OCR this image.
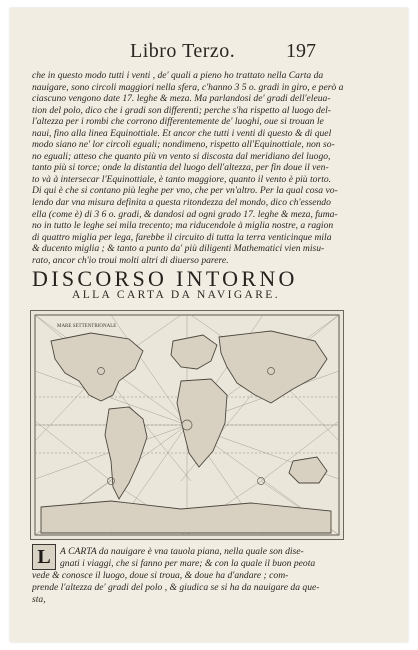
Libro Terzo.	197
che in questo modo tutti i venti , de' quali a pieno ho trattato nella Carta da
nauigare, sono circoli maggiori nella sfera, c'hanno 3 5 o. gradi in giro, e però a
ciascuno vengono date 17. leghe & meza. Ma parlandosi de' gradi dell'eleua-
tion del polo, dico che i gradi son differenti; perche s'ha rispetto al luogo del-
l'altezza per i rombi che corrono differentemente de' luoghi, oue si trouan le
naui, fino alla linea Equinottiale. Et ancor che tutti i venti di questo & di quel
modo siano ne' lor circoli eguali; nondimeno, rispetto all'Equinottiale, non so-
no eguali; atteso che quanto più vn vento si discosta dal meridiano del luogo,
tanto più si torce; onde la distantia del luogo dell'altezza, per fin doue il ven-
to và à intersecar l'Equinottiale, è tanto maggiore, quanto il vento è più torto.
Di qui è che si contano più leghe per vno, che per vn'altro. Per la qual cosa vo-
lendo dar vna misura definita a questa ritondezza del mondo, dico ch'essendo
ella (come è) di 3 6 o. gradi, & dandosi ad ogni grado 17. leghe & meza, fuma-
no in tutto le leghe sei mila trecento; ma riducendole à miglia nostre, a ragion
di quattro miglia per lega, farebbe il circuito di tutta la terra venticinque mila
& ducento miglia ; & tanto a punto da' più diligenti Mathematici vien misu-
rato, ancor ch'io troui molti altri di diuerso parere.
DISCORSO INTORNO
ALLA CARTA DA NAVIGARE.
MARE SETTENTRIONALE
L A CARTA da nauigare è vna tauola piana, nella quale son dise-
gnati i viaggi, che si fanno per mare; & con la quale il buon peota
vede & conosce il luogo, doue si troua, & doue ha d'andare ; com-
prende l'altezza de' gradi del polo , & giudica se si ha da nauigare da que-
sta,
